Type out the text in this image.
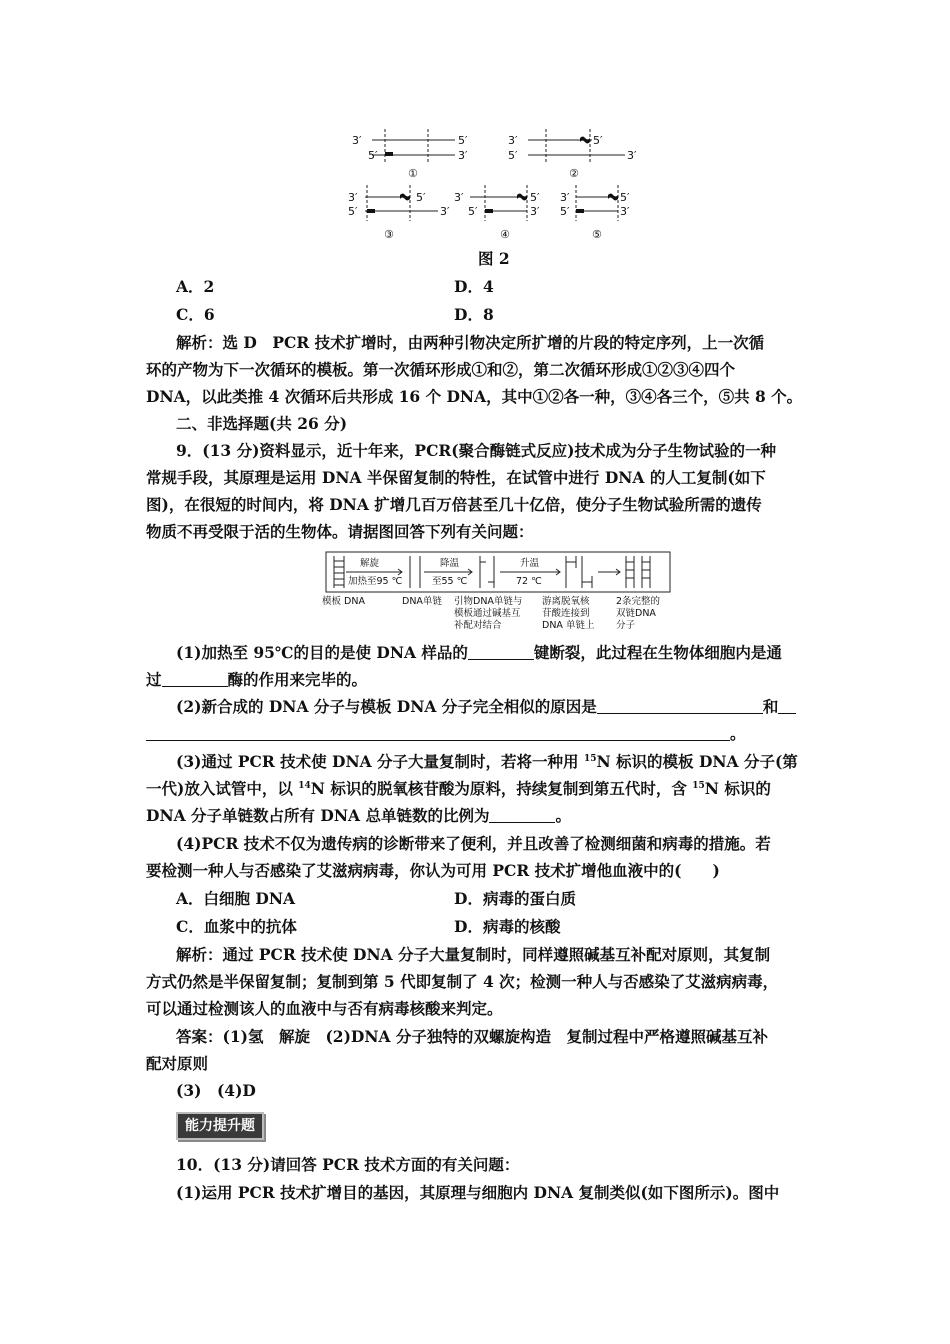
3′	5′
5′	3′
3′	5′
5′	3′
3′	5′
5′	3′
3′	5′
5′	3′
3′	5′
5′	3′
①	②
③	④	⑤
图 2
A．2	D．4
C．6	D．8
解析：选 D　PCR 技术扩增时，由两种引物决定所扩增的片段的特定序列，上一次循
环的产物为下一次循环的模板。第一次循环形成①和②，第二次循环形成①②③④四个
DNA，以此类推 4 次循环后共形成 16 个 DNA，其中①②各一种，③④各三个，⑤共 8 个。
二、非选择题(共 26 分)
9．(13 分)资料显示，近十年来，PCR(聚合酶链式反应)技术成为分子生物试验的一种
常规手段，其原理是运用 DNA 半保留复制的特性，在试管中进行 DNA 的人工复制(如下
图)，在很短的时间内，将 DNA 扩增几百万倍甚至几十亿倍，使分子生物试验所需的遗传
物质不再受限于活的生物体。请据图回答下列有关问题：
解旋
加热至95 ℃
降温
至55 ℃
升温
72 ℃
模板 DNA	DNA单链 引物DNA单链与
模板通过碱基互
补配对结合
游离脱氧核
苷酸连接到
DNA 单链上
2条完整的
双链DNA
分子
(1)加热至 95℃的目的是使 DNA 样品的	键断裂，此过程在生物体细胞内是通
过	酶的作用来完毕的。
(2)新合成的 DNA 分子与模板 DNA 分子完全相似的原因是	和
。
(3)通过 PCR 技术使 DNA 分子大量复制时，若将一种用 $^{15}$N 标识的模板 DNA 分子(第
一代)放入试管中，以 $^{14}$N 标识的脱氧核苷酸为原料，持续复制到第五代时，含 $^{15}$N 标识的
DNA 分子单链数占所有 DNA 总单链数的比例为	。
(4)PCR 技术不仅为遗传病的诊断带来了便利，并且改善了检测细菌和病毒的措施。若
要检测一种人与否感染了艾滋病病毒，你认为可用 PCR 技术扩增他血液中的(　　)
A．白细胞 DNA	D．病毒的蛋白质
C．血浆中的抗体	D．病毒的核酸
解析：通过 PCR 技术使 DNA 分子大量复制时，同样遵照碱基互补配对原则，其复制
方式仍然是半保留复制；复制到第 5 代即复制了 4 次；检测一种人与否感染了艾滋病病毒，
可以通过检测该人的血液中与否有病毒核酸来判定。
答案：(1)氢　解旋　(2)DNA 分子独特的双螺旋构造　复制过程中严格遵照碱基互补
配对原则
(3)　(4)D
能力提升题
10．(13 分)请回答 PCR 技术方面的有关问题：
(1)运用 PCR 技术扩增目的基因，其原理与细胞内 DNA 复制类似(如下图所示)。图中
